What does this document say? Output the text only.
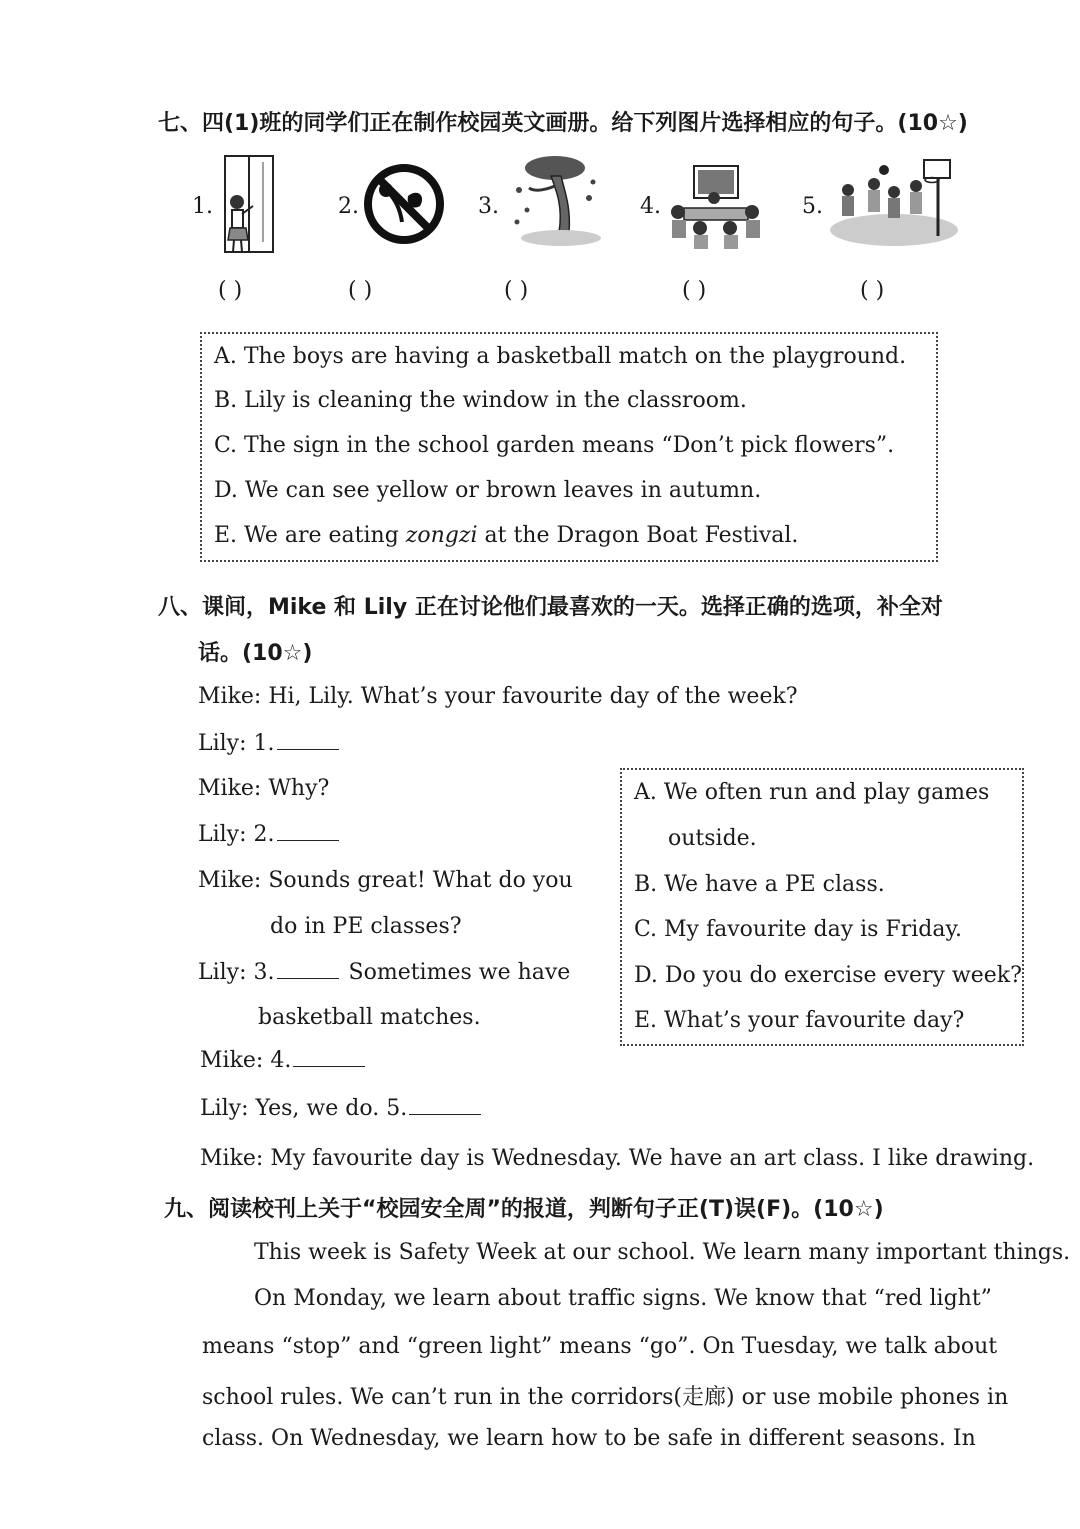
七、四(1)班的同学们正在制作校园英文画册。给下列图片选择相应的句子。(10☆)
1.
( )
2.
( )
3.
( )
4.
( )
5.
( )
A. The boys are having a basketball match on the playground.
B. Lily is cleaning the window in the classroom.
C. The sign in the school garden means “Don’t pick flowers”.
D. We can see yellow or brown leaves in autumn.
E. We are eating zongzi at the Dragon Boat Festival.
八、课间，Mike 和 Lily 正在讨论他们最喜欢的一天。选择正确的选项，补全对
话。(10☆)
Mike: Hi, Lily. What’s your favourite day of the week?
Lily: 1.
Mike: Why?
Lily: 2.
Mike: Sounds great! What do you
do in PE classes?
Lily: 3.	Sometimes we have
basketball matches.
Mike: 4.
Lily: Yes, we do. 5.
Mike: My favourite day is Wednesday. We have an art class. I like drawing.
A. We often run and play games
outside.
B. We have a PE class.
C. My favourite day is Friday.
D. Do you do exercise every week?
E. What’s your favourite day?
九、阅读校刊上关于“校园安全周”的报道，判断句子正(T)误(F)。(10☆)
This week is Safety Week at our school. We learn many important things.
On Monday, we learn about traffic signs. We know that “red light”
means “stop” and “green light” means “go”. On Tuesday, we talk about
school rules. We can’t run in the corridors(走廊) or use mobile phones in
class. On Wednesday, we learn how to be safe in different seasons. In
